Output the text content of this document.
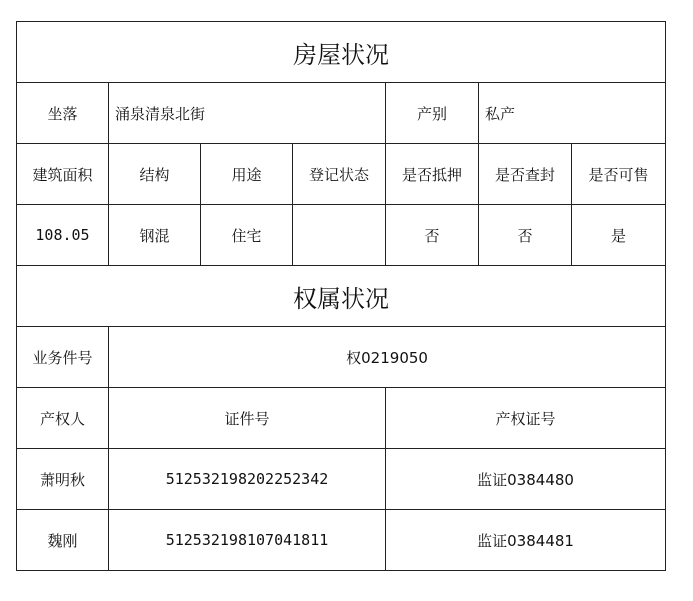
房屋状况						
坐落	涌泉清泉北街			产别	私产	
建筑面积	结构	用途	登记状态	是否抵押	是否查封	是否可售
108.05	钢混	住宅		否	否	是
权属状况						
业务件号	权0219050					
产权人	证件号			产权证号		
萧明秋	512532198202252342			监证0384480		
魏刚	512532198107041811			监证0384481		
